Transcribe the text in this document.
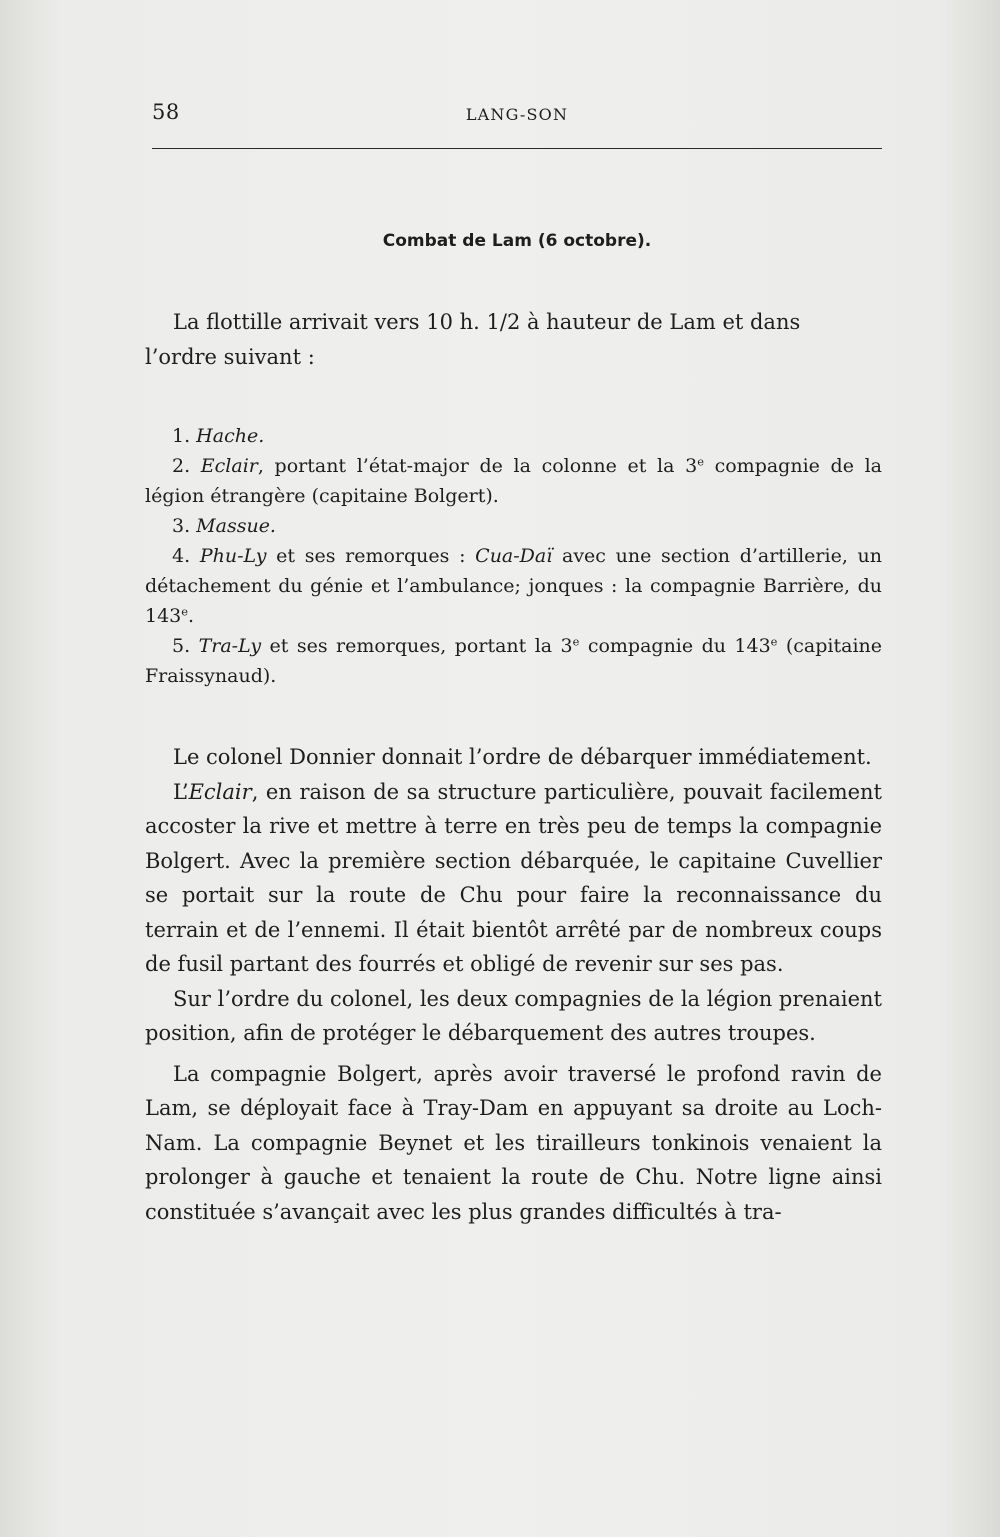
58	LANG-SON
Combat de Lam (6 octobre).

La flottille arrivait vers 10 h. 1/2 à hauteur de Lam et dans

l’ordre suivant :

1. Hache.

2. Eclair, portant l’état-major de la colonne et la 3e compagnie de la légion étrangère (capitaine Bolgert).

3. Massue.

4. Phu-Ly et ses remorques : Cua-Daï avec une section d’artillerie, un détachement du génie et l’ambulance; jonques : la compagnie Barrière, du 143e.

5. Tra-Ly et ses remorques, portant la 3e compagnie du 143e (capitaine Fraissynaud).

Le colonel Donnier donnait l’ordre de débarquer immédiatement.

L’Eclair, en raison de sa structure particulière, pouvait facilement accoster la rive et mettre à terre en très peu de temps la compagnie Bolgert. Avec la première section débarquée, le capitaine Cuvellier se portait sur la route de Chu pour faire la reconnaissance du terrain et de l’ennemi. Il était bientôt arrêté par de nombreux coups de fusil partant des fourrés et obligé de revenir sur ses pas.

Sur l’ordre du colonel, les deux compagnies de la légion prenaient position, afin de protéger le débarquement des autres troupes.

La compagnie Bolgert, après avoir traversé le profond ravin de Lam, se déployait face à Tray-Dam en appuyant sa droite au Loch-Nam. La compagnie Beynet et les tirailleurs tonkinois venaient la prolonger à gauche et tenaient la route de Chu. Notre ligne ainsi constituée s’avançait avec les plus grandes difficultés à tra-
